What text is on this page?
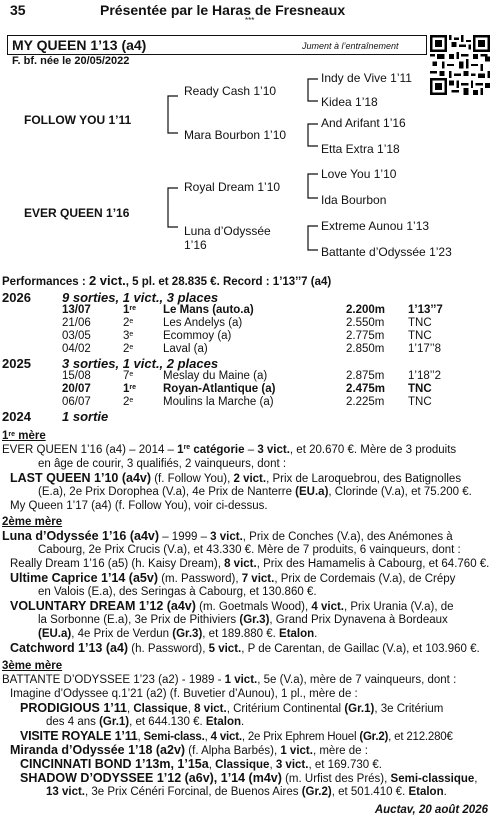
35	Présentée par le Haras de Fresneaux
***
MY QUEEN 1’13 (a4)	Jument à l’entraînement
F. bf. née le 20/05/2022
FOLLOW YOU 1’11
EVER QUEEN 1’16
Ready Cash 1’10
Mara Bourbon 1’10
Royal Dream 1’10
Luna d’Odyssée
1’16
Indy de Vive 1’11
Kidea 1’18
And Arifant 1’16
Etta Extra 1’18
Love You 1’10
Ida Bourbon
Extreme Aunou 1’13
Battante d’Odyssée 1’23
Performances : 2 vict., 5 pl. et 28.835 €. Record : 1’13’’7 (a4)
2026 9 sorties, 1 vict., 3 places
13/07	1re Le Mans (auto.a)	2.200m 1’13’’7
21/06	2e	Les Andelys (a)	2.550m TNC
03/05	3e	Ecommoy (a)	2.775m TNC
04/02	2e	Laval (a)	2.850m 1’17’’8
2025 3 sorties, 1 vict., 2 places
15/08	7e	Meslay du Maine (a)	2.875m 1’18’’2
20/07	1re Royan-Atlantique (a)	2.475m TNC
06/07	2e	Moulins la Marche (a)	2.225m TNC
2024 1 sortie
1re mère
EVER QUEEN 1’16 (a4) – 2014 – 1re catégorie – 3 vict., et 20.670 €. Mère de 3 produits
en âge de courir, 3 qualifiés, 2 vainqueurs, dont :
LAST QUEEN 1’10 (a4v) (f. Follow You), 2 vict., Prix de Laroquebrou, des Batignolles
(E.a), 2e Prix Dorophea (V.a), 4e Prix de Nanterre (EU.a), Clorinde (V.a), et 75.200 €.
My Queen 1’17 (a4) (f. Follow You), voir ci-dessus.
2ème mère
Luna d’Odyssée 1’16 (a4v) – 1999 – 3 vict., Prix de Conches (V.a), des Anémones à
Cabourg, 2e Prix Crucis (V.a), et 43.330 €. Mère de 7 produits, 6 vainqueurs, dont :
Really Dream 1’16 (a5) (h. Kaisy Dream), 8 vict., Prix des Hamamelis à Cabourg, et 64.760 €.
Ultime Caprice 1’14 (a5v) (m. Password), 7 vict., Prix de Cordemais (V.a), de Crépy
en Valois (E.a), des Seringas à Cabourg, et 130.860 €.
VOLUNTARY DREAM 1’12 (a4v) (m. Goetmals Wood), 4 vict., Prix Urania (V.a), de
la Sorbonne (E.a), 3e Prix de Pithiviers (Gr.3), Grand Prix Dynavena à Bordeaux
(EU.a), 4e Prix de Verdun (Gr.3), et 189.880 €. Etalon.
Catchword 1’13 (a4) (h. Password), 5 vict., P de Carentan, de Gaillac (V.a), et 103.960 €.
3ème mère
BATTANTE D’ODYSSEE 1’23 (a2) - 1989 - 1 vict., 5e (V.a), mère de 7 vainqueurs, dont :
Imagine d’Odyssee q.1’21 (a2) (f. Buvetier d’Aunou), 1 pl., mère de :
PRODIGIOUS 1’11, Classique, 8 vict., Critérium Continental (Gr.1), 3e Critérium
des 4 ans (Gr.1), et 644.130 €. Etalon.
VISITE ROYALE 1’11, Semi-class., 4 vict., 2e Prix Ephrem Houel (Gr.2), et 212.280€
Miranda d’Odyssée 1’18 (a2v) (f. Alpha Barbés), 1 vict., mère de :
CINCINNATI BOND 1’13m, 1’15a, Classique, 3 vict., et 169.730 €.
SHADOW D’ODYSSEE 1’12 (a6v), 1’14 (m4v) (m. Urfist des Prés), Semi-classique,
13 vict., 3e Prix Cénéri Forcinal, de Buenos Aires (Gr.2), et 501.410 €. Etalon.
Auctav, 20 août 2026
